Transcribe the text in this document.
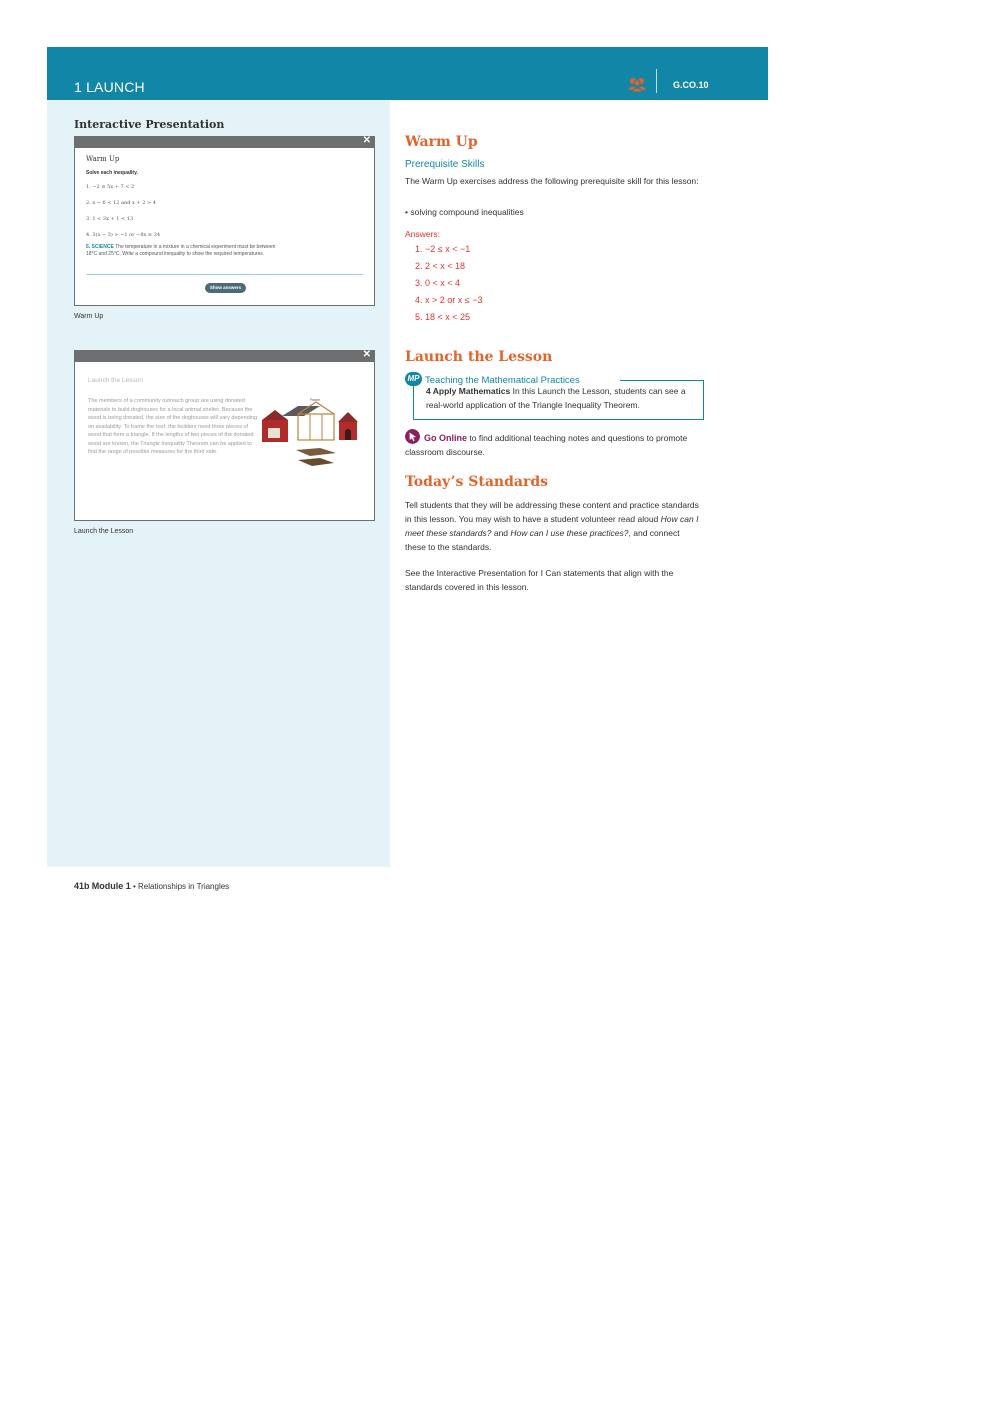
1 LAUNCH	G.CO.10
Interactive Presentation
✕
Warm Up
Solve each inequality.
1. −2 ≤ 5x + 7 < 2
2. x − 6 < 12 and x + 2 > 4
3. 1 < 3x + 1 < 13
4. 3(x − 3) > −1 or −8x ≥ 24
5. SCIENCE The temperature in a mixture in a chemical experiment must be between 18°C and 25°C. Write a compound inequality to show the required temperatures.
Show answers
Warm Up
✕
Launch the Lesson
The members of a community outreach group are using donated materials to build doghouses for a local animal shelter. Because the wood is being donated, the size of the doghouses will vary depending on availability. To frame the roof, the builders need three pieces of wood that form a triangle. If the lengths of two pieces of the donated wood are known, the Triangle Inequality Theorem can be applied to find the range of possible measures for the third side.
Frame
Launch the Lesson
41b Module 1 • Relationships in Triangles
Warm Up
Prerequisite Skills
The Warm Up exercises address the following prerequisite skill for this lesson:
• solving compound inequalities
Answers:
1. −2 ≤ x < −1
2. 2 < x < 18
3. 0 < x < 4
4. x > 2 or x ≤ −3
5. 18 < x < 25
Launch the Lesson
MP Teaching the Mathematical Practices
4 Apply Mathematics In this Launch the Lesson, students can see a real-world application of the Triangle Inequality Theorem.
Go Online to find additional teaching notes and questions to promote classroom discourse.
Today’s Standards
Tell students that they will be addressing these content and practice standards in this lesson. You may wish to have a student volunteer read aloud How can I meet these standards? and How can I use these practices?, and connect these to the standards.
See the Interactive Presentation for I Can statements that align with the standards covered in this lesson.
